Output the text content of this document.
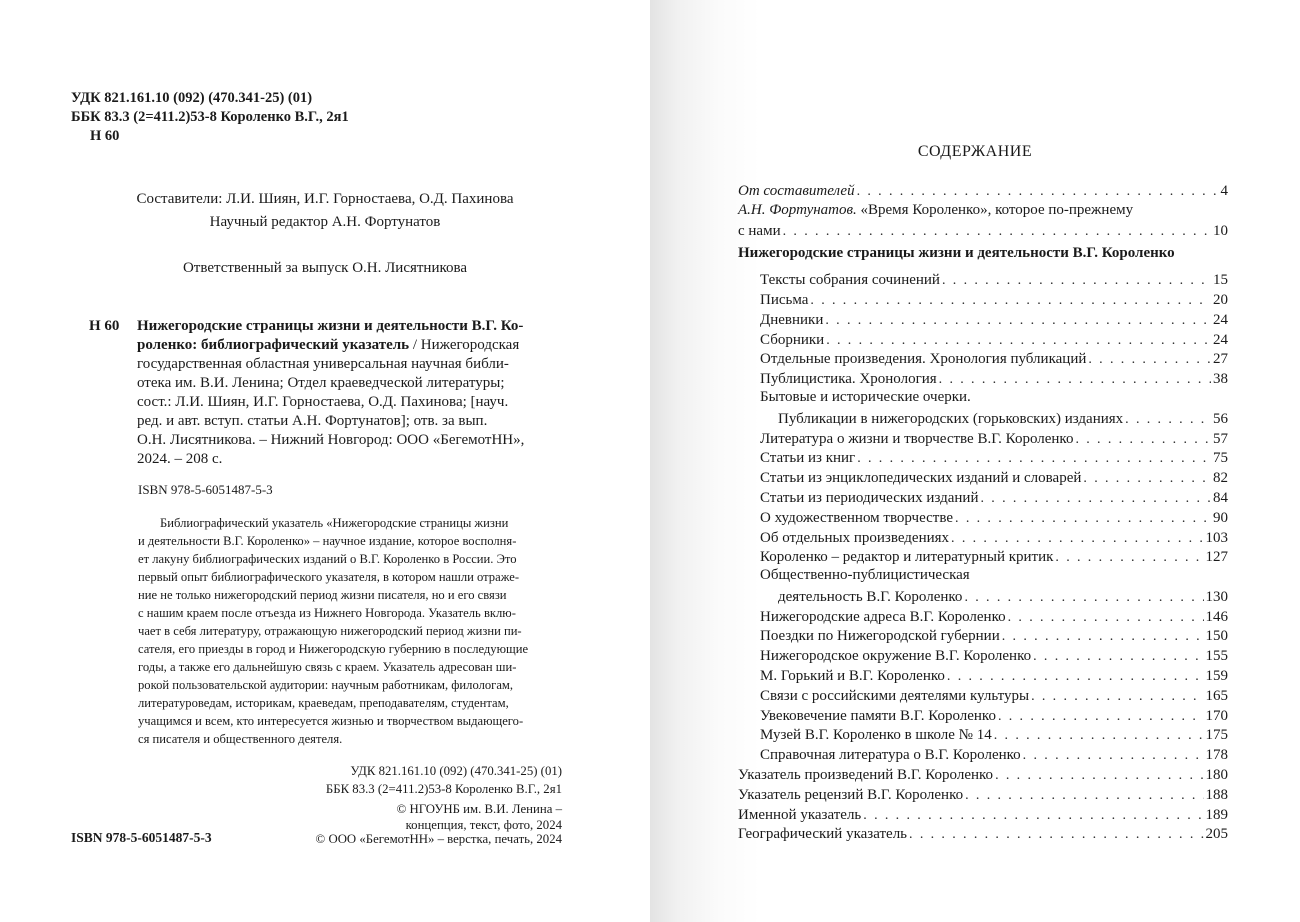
УДК 821.161.10 (092) (470.341-25) (01)
ББК 83.3 (2=411.2)53-8 Короленко В.Г., 2я1
Н 60
Составители: Л.И. Шиян, И.Г. Горностаева, О.Д. Пахинова
Научный редактор А.Н. Фортунатов
Ответственный за выпуск О.Н. Лисятникова
Н 60 Нижегородские страницы жизни и деятельности В.Г. Ко-
роленко: библиографический указатель / Нижегородская
государственная областная универсальная научная библи-
отека им. В.И. Ленина; Отдел краеведческой литературы;
сост.: Л.И. Шиян, И.Г. Горностаева, О.Д. Пахинова; [науч.
ред. и авт. вступ. статьи А.Н. Фортунатов]; отв. за вып.
О.Н. Лисятникова. – Нижний Новгород: ООО «БегемотНН»,
2024. – 208 с.
ISBN 978-5-6051487-5-3
Библиографический указатель «Нижегородские страницы жизни
и деятельности В.Г. Короленко» – научное издание, которое восполня-
ет лакуну библиографических изданий о В.Г. Короленко в России. Это
первый опыт библиографического указателя, в котором нашли отраже-
ние не только нижегородский период жизни писателя, но и его связи
с нашим краем после отъезда из Нижнего Новгорода. Указатель вклю-
чает в себя литературу, отражающую нижегородский период жизни пи-
сателя, его приезды в город и Нижегородскую губернию в последующие
годы, а также его дальнейшую связь с краем. Указатель адресован ши-
рокой пользовательской аудитории: научным работникам, филологам,
литературоведам, историкам, краеведам, преподавателям, студентам,
учащимся и всем, кто интересуется жизнью и творчеством выдающего-
ся писателя и общественного деятеля.
УДК 821.161.10 (092) (470.341-25) (01)
ББК 83.3 (2=411.2)53-8 Короленко В.Г., 2я1
© НГОУНБ им. В.И. Ленина –
концепция, текст, фото, 2024
© ООО «БегемотНН» – верстка, печать, 2024
ISBN 978-5-6051487-5-3
СОДЕРЖАНИЕ
От составителей . . .	4
А.Н. Фортунатов. «Время Короленко», которое по-прежнему
с нами . . .	10
Нижегородские страницы жизни и деятельности В.Г. Короленко
Тексты собрания сочинений . . .	15
Письма . . .	20
Дневники . . .	24
Сборники . . .	24
Отдельные произведения. Хронология публикаций . . .	27
Публицистика. Хронология . . .	38
Бытовые и исторические очерки.
Публикации в нижегородских (горьковских) изданиях . . .	56
Литература о жизни и творчестве В.Г. Короленко . . .	57
Статьи из книг . . .	75
Статьи из энциклопедических изданий и словарей . . .	82
Статьи из периодических изданий . . .	84
О художественном творчестве . . .	90
Об отдельных произведениях . . .	103
Короленко – редактор и литературный критик . . .	127
Общественно-публицистическая
деятельность В.Г. Короленко . . .	130
Нижегородские адреса В.Г. Короленко . . .	146
Поездки по Нижегородской губернии . . .	150
Нижегородское окружение В.Г. Короленко . . .	155
М. Горький и В.Г. Короленко . . .	159
Связи с российскими деятелями культуры . . .	165
Увековечение памяти В.Г. Короленко . . .	170
Музей В.Г. Короленко в школе № 14 . . .	175
Справочная литература о В.Г. Короленко . . .	178
Указатель произведений В.Г. Короленко . . .	180
Указатель рецензий В.Г. Короленко . . .	188
Именной указатель . . .	189
Географический указатель . . .	205
